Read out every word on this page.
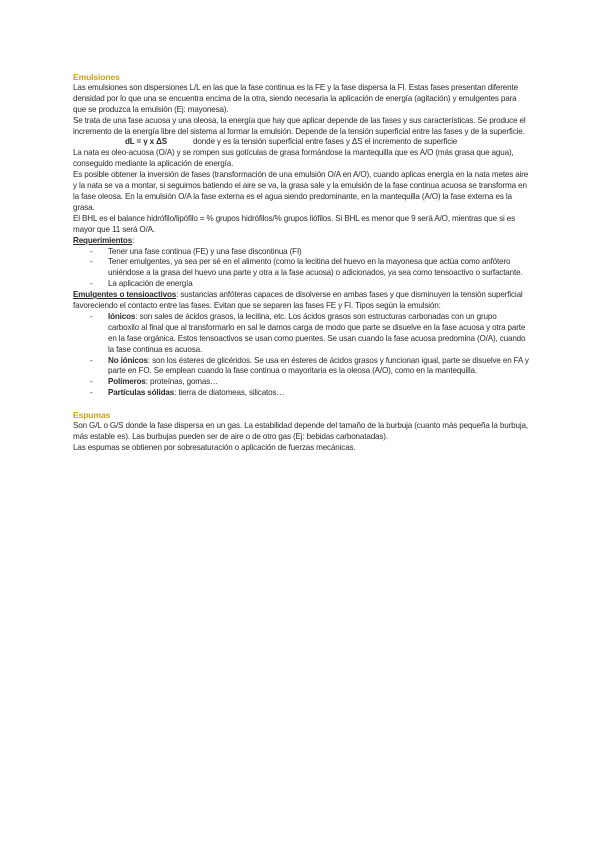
Emulsiones

Las emulsiones son dispersiones L/L en las que la fase continua es la FE y la fase dispersa la FI. Estas fases presentan diferente densidad por lo que una se encuentra encima de la otra, siendo necesaria la aplicación de energía (agitación) y emulgentes para que se produzca la emulsión (Ej: mayonesa).

Se trata de una fase acuosa y una oleosa, la energía que hay que aplicar depende de las fases y sus características. Se produce el incremento de la energía libre del sistema al formar la emulsión. Depende de la tensión superficial entre las fases y de la superficie.

dL = γ x ΔS	donde γ es la tensión superficial entre fases y ΔS el incremento de superficie

La nata es oleo-acuosa (O/A) y se rompen sus gotículas de grasa formándose la mantequilla que es A/O (más grasa que agua), conseguido mediante la aplicación de energía.

Es posible obtener la inversión de fases (transformación de una emulsión O/A en A/O), cuando aplicas energía en la nata metes aire y la nata se va a montar, si seguimos batiendo el aire se va, la grasa sale y la emulsión de la fase continua acuosa se transforma en la fase oleosa. En la emulsión O/A la fase externa es el agua siendo predominante, en la mantequilla (A/O) la fase externa es la grasa.

El BHL es el balance hidrófilo/lipófilo = % grupos hidrófilos/% grupos liófilos. Si BHL es menor que 9 será A/O, mientras que si es mayor que 11 será O/A.

Requerimientos:

- Tener una fase continua (FE) y una fase discontinua (FI)
- Tener emulgentes, ya sea per sé en el alimento (como la lecitina del huevo en la mayonesa que actúa como anfótero uniéndose a la grasa del huevo una parte y otra a la fase acuosa) o adicionados, ya sea como tensoactivo o surfactante.
- La aplicación de energía

Emulgentes o tensioactivos: sustancias anfóteras capaces de disolverse en ambas fases y que disminuyen la tensión superficial favoreciendo el contacto entre las fases. Evitan que se separen las fases FE y FI. Tipos según la emulsión:

- Iónicos: son sales de ácidos grasos, la lecitina, etc. Los ácidos grasos son estructuras carbonadas con un grupo carboxilo al final que al transformarlo en sal le damos carga de modo que parte se disuelve en la fase acuosa y otra parte en la fase orgánica. Estos tensoactivos se usan como puentes. Se usan cuando la fase acuosa predomina (O/A), cuando la fase continua es acuosa.
- No iónicos: son los ésteres de glicéridos. Se usa en ésteres de ácidos grasos y funcionan igual, parte se disuelve en FA y parte en FO. Se emplean cuando la fase continua o mayoritaria es la oleosa (A/O), como en la mantequilla.
- Polímeros: proteínas, gomas…
- Partículas sólidas: tierra de diatomeas, silicatos…

Espumas

Son G/L o G/S donde la fase dispersa en un gas. La estabilidad depende del tamaño de la burbuja (cuanto más pequeña la burbuja, más estable es). Las burbujas pueden ser de aire o de otro gas (Ej: bebidas carbonatadas).

Las espumas se obtienen por sobresaturación o aplicación de fuerzas mecánicas.
